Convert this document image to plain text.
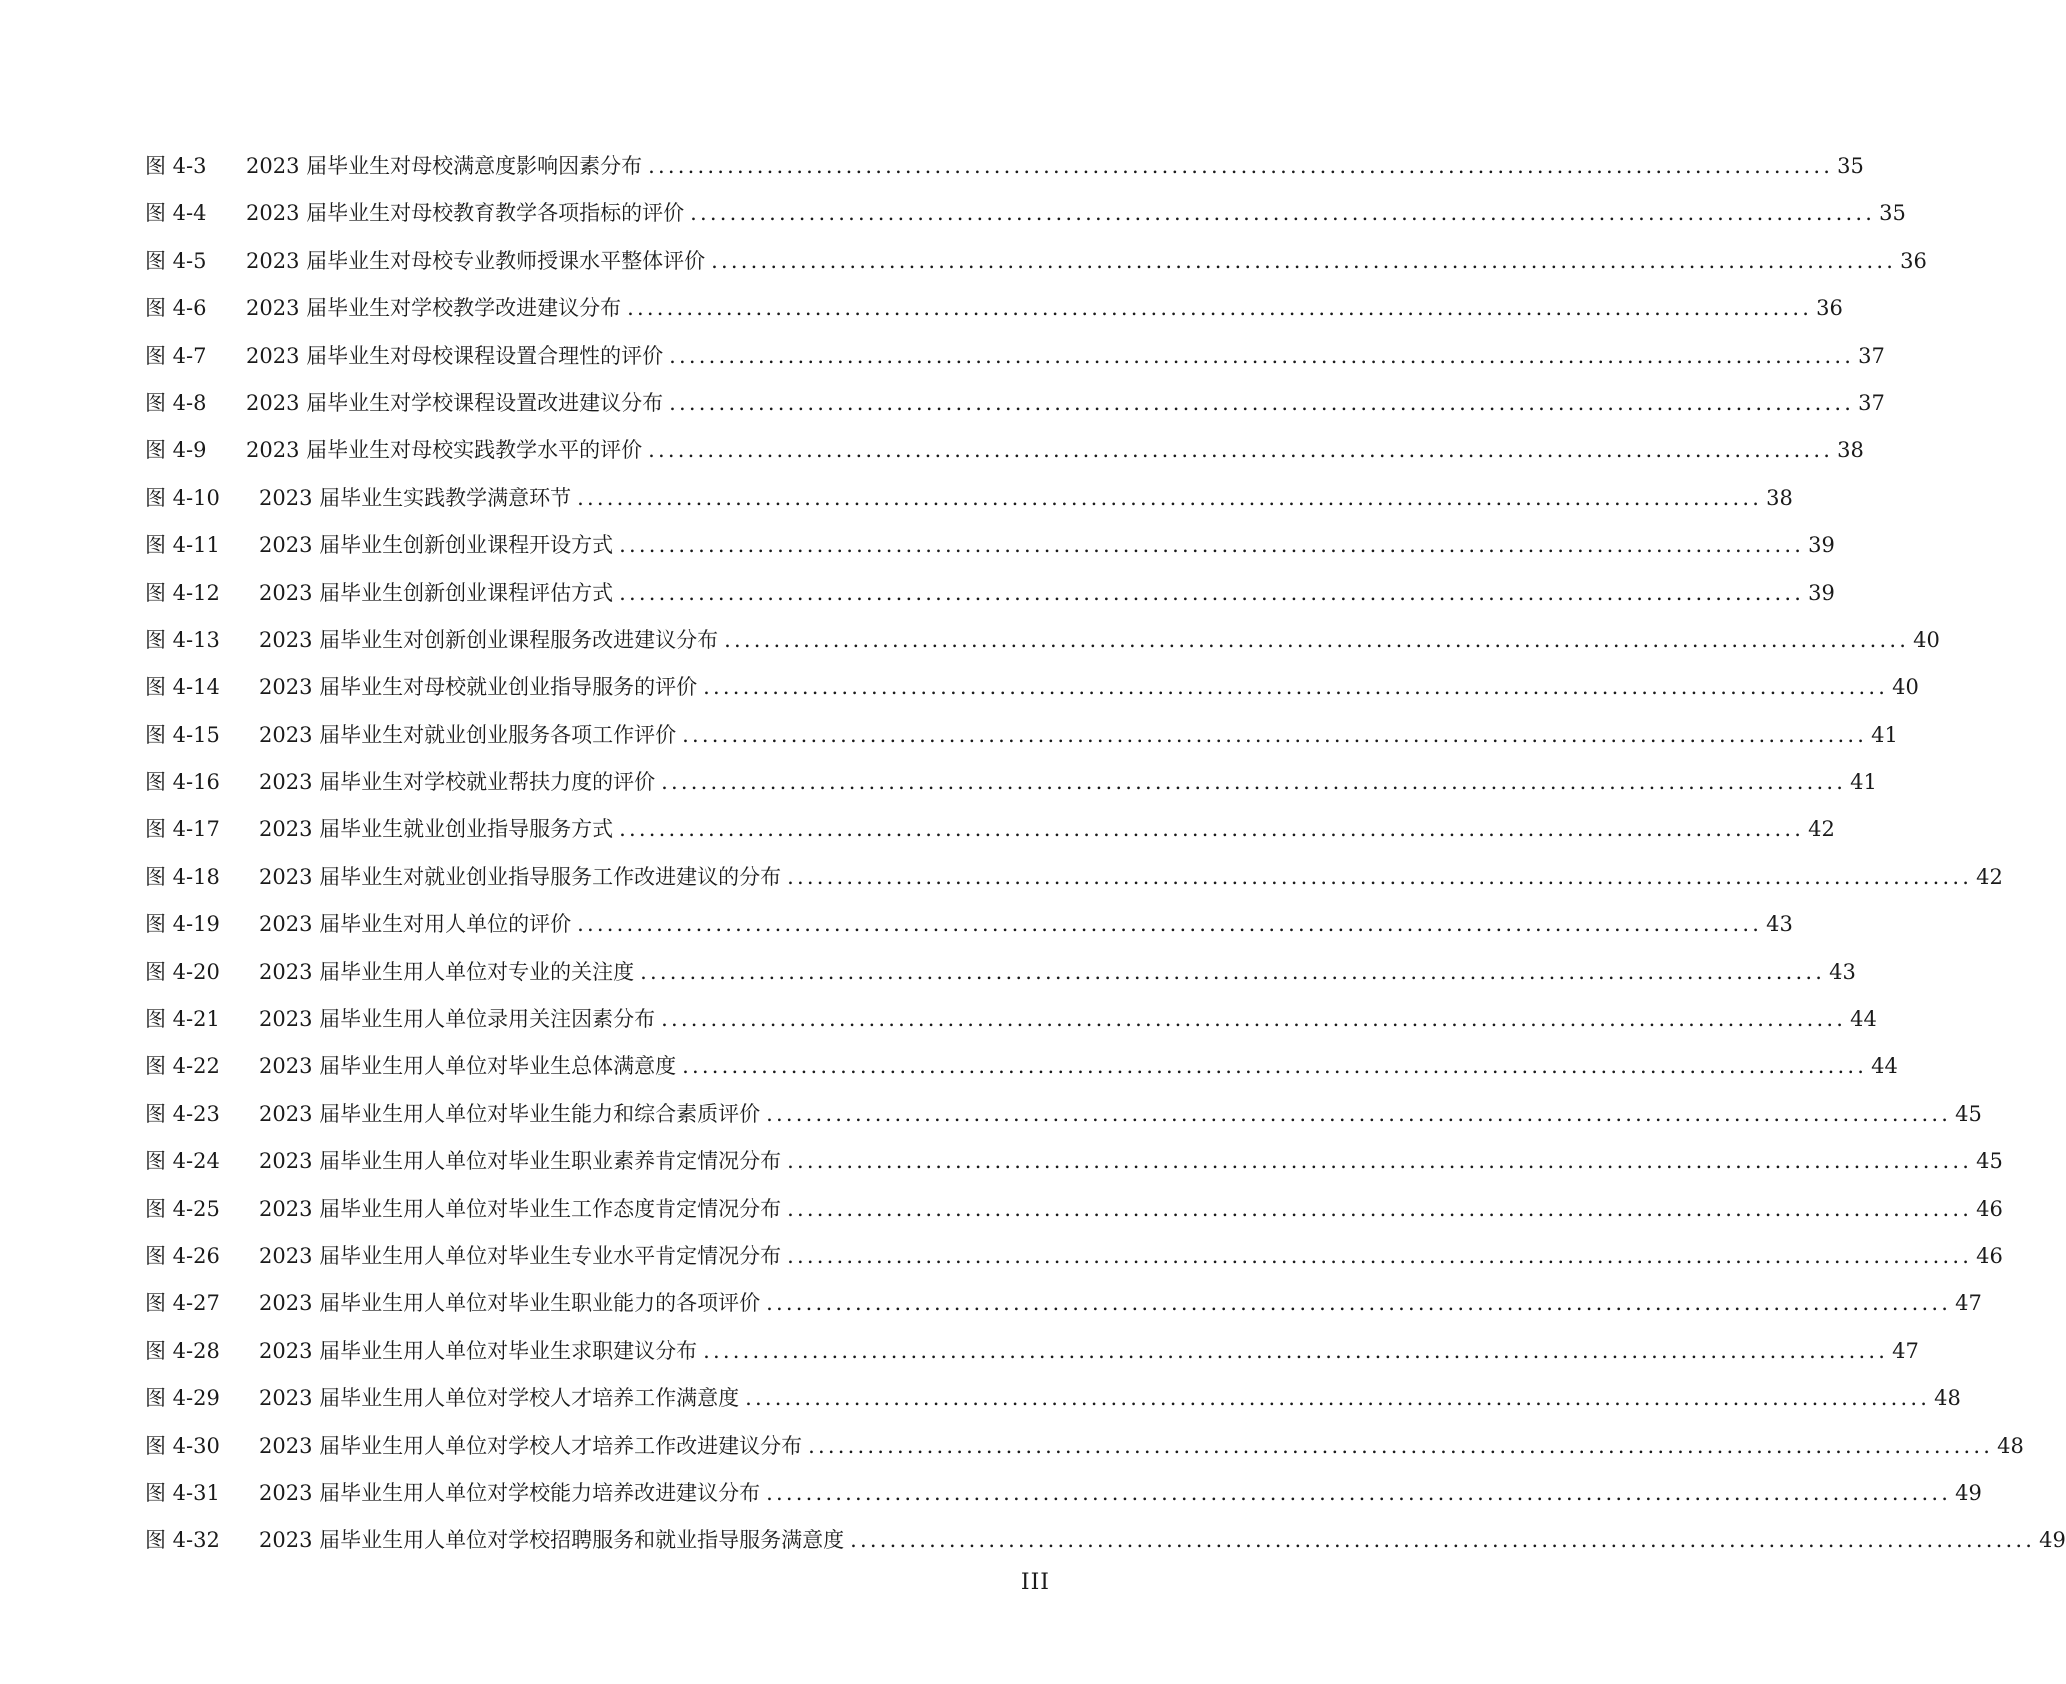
图 4-3	2023 届毕业生对母校满意度影响因素分布 ........................................................................................................................ 35
图 4-4	2023 届毕业生对母校教育教学各项指标的评价 ........................................................................................................................ 35
图 4-5	2023 届毕业生对母校专业教师授课水平整体评价 ........................................................................................................................ 36
图 4-6	2023 届毕业生对学校教学改进建议分布 ........................................................................................................................ 36
图 4-7	2023 届毕业生对母校课程设置合理性的评价 ........................................................................................................................ 37
图 4-8	2023 届毕业生对学校课程设置改进建议分布 ........................................................................................................................ 37
图 4-9	2023 届毕业生对母校实践教学水平的评价 ........................................................................................................................ 38
图 4-10	2023 届毕业生实践教学满意环节 ........................................................................................................................ 38
图 4-11	2023 届毕业生创新创业课程开设方式 ........................................................................................................................ 39
图 4-12	2023 届毕业生创新创业课程评估方式 ........................................................................................................................ 39
图 4-13	2023 届毕业生对创新创业课程服务改进建议分布 ........................................................................................................................ 40
图 4-14	2023 届毕业生对母校就业创业指导服务的评价 ........................................................................................................................ 40
图 4-15	2023 届毕业生对就业创业服务各项工作评价 ........................................................................................................................ 41
图 4-16	2023 届毕业生对学校就业帮扶力度的评价 ........................................................................................................................ 41
图 4-17	2023 届毕业生就业创业指导服务方式 ........................................................................................................................ 42
图 4-18	2023 届毕业生对就业创业指导服务工作改进建议的分布 ........................................................................................................................ 42
图 4-19	2023 届毕业生对用人单位的评价 ........................................................................................................................ 43
图 4-20	2023 届毕业生用人单位对专业的关注度 ........................................................................................................................ 43
图 4-21	2023 届毕业生用人单位录用关注因素分布 ........................................................................................................................ 44
图 4-22	2023 届毕业生用人单位对毕业生总体满意度 ........................................................................................................................ 44
图 4-23	2023 届毕业生用人单位对毕业生能力和综合素质评价 ........................................................................................................................ 45
图 4-24	2023 届毕业生用人单位对毕业生职业素养肯定情况分布 ........................................................................................................................ 45
图 4-25	2023 届毕业生用人单位对毕业生工作态度肯定情况分布 ........................................................................................................................ 46
图 4-26	2023 届毕业生用人单位对毕业生专业水平肯定情况分布 ........................................................................................................................ 46
图 4-27	2023 届毕业生用人单位对毕业生职业能力的各项评价 ........................................................................................................................ 47
图 4-28	2023 届毕业生用人单位对毕业生求职建议分布 ........................................................................................................................ 47
图 4-29	2023 届毕业生用人单位对学校人才培养工作满意度 ........................................................................................................................ 48
图 4-30	2023 届毕业生用人单位对学校人才培养工作改进建议分布 ........................................................................................................................ 48
图 4-31	2023 届毕业生用人单位对学校能力培养改进建议分布 ........................................................................................................................ 49
图 4-32	2023 届毕业生用人单位对学校招聘服务和就业指导服务满意度 ........................................................................................................................ 49
III
